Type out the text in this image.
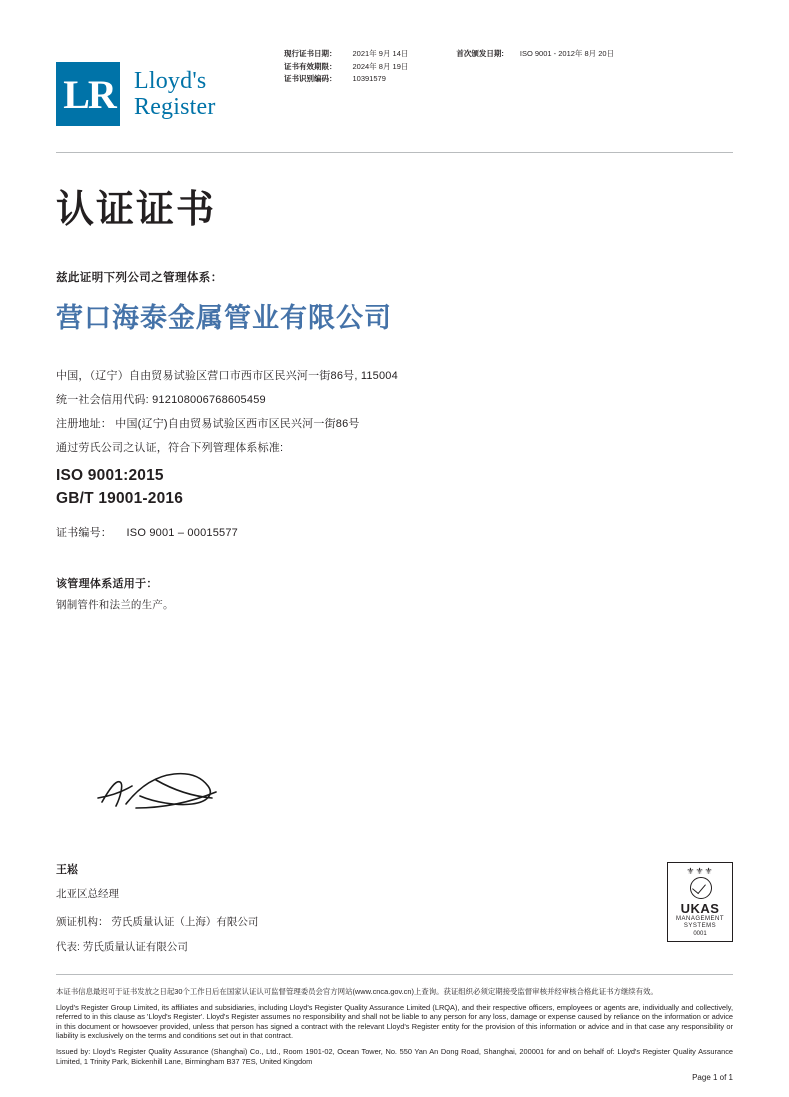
LR Lloyd's
Register
现行证书日期：
证书有效期限：
证书识别编码：
2021年 9月 14日
2024年 8月 19日
10391579
首次颁发日期: ISO 9001 - 2012年 8月 20日
认证证书
兹此证明下列公司之管理体系：
营口海泰金属管业有限公司
中国，（辽宁）自由贸易试验区营口市西市区民兴河一街86号, 115004
统一社会信用代码: 912108006768605459
注册地址： 中国(辽宁)自由贸易试验区西市区民兴河一街86号
通过劳氏公司之认证，符合下列管理体系标准:
ISO 9001:2015
GB/T 19001-2016
证书编号： ISO 9001 – 00015577
该管理体系适用于：
钢制管件和法兰的生产。
王崧
北亚区总经理
颁证机构： 劳氏质量认证（上海）有限公司
代表: 劳氏质量认证有限公司
⚜⚜⚜
UKAS
MANAGEMENT
SYSTEMS
0001

本证书信息最迟可于证书发放之日起30个工作日后在国家认证认可监督管理委员会官方网站(www.cnca.gov.cn)上查询。获证组织必须定期接受监督审核并经审核合格此证书方继续有效。

Lloyd's Register Group Limited, its affiliates and subsidiaries, including Lloyd's Register Quality Assurance Limited (LRQA), and their respective officers, employees or agents are, individually and collectively, referred to in this clause as 'Lloyd's Register'. Lloyd's Register assumes no responsibility and shall not be liable to any person for any loss, damage or expense caused by reliance on the information or advice in this document or howsoever provided, unless that person has signed a contract with the relevant Lloyd's Register entity for the provision of this information or advice and in that case any responsibility or liability is exclusively on the terms and conditions set out in that contract.

Issued by: Lloyd's Register Quality Assurance (Shanghai) Co., Ltd., Room 1901-02, Ocean Tower, No. 550 Yan An Dong Road, Shanghai, 200001 for and on behalf of: Lloyd's Register Quality Assurance Limited, 1 Trinity Park, Bickenhill Lane, Birmingham B37 7ES, United Kingdom

Page 1 of 1
